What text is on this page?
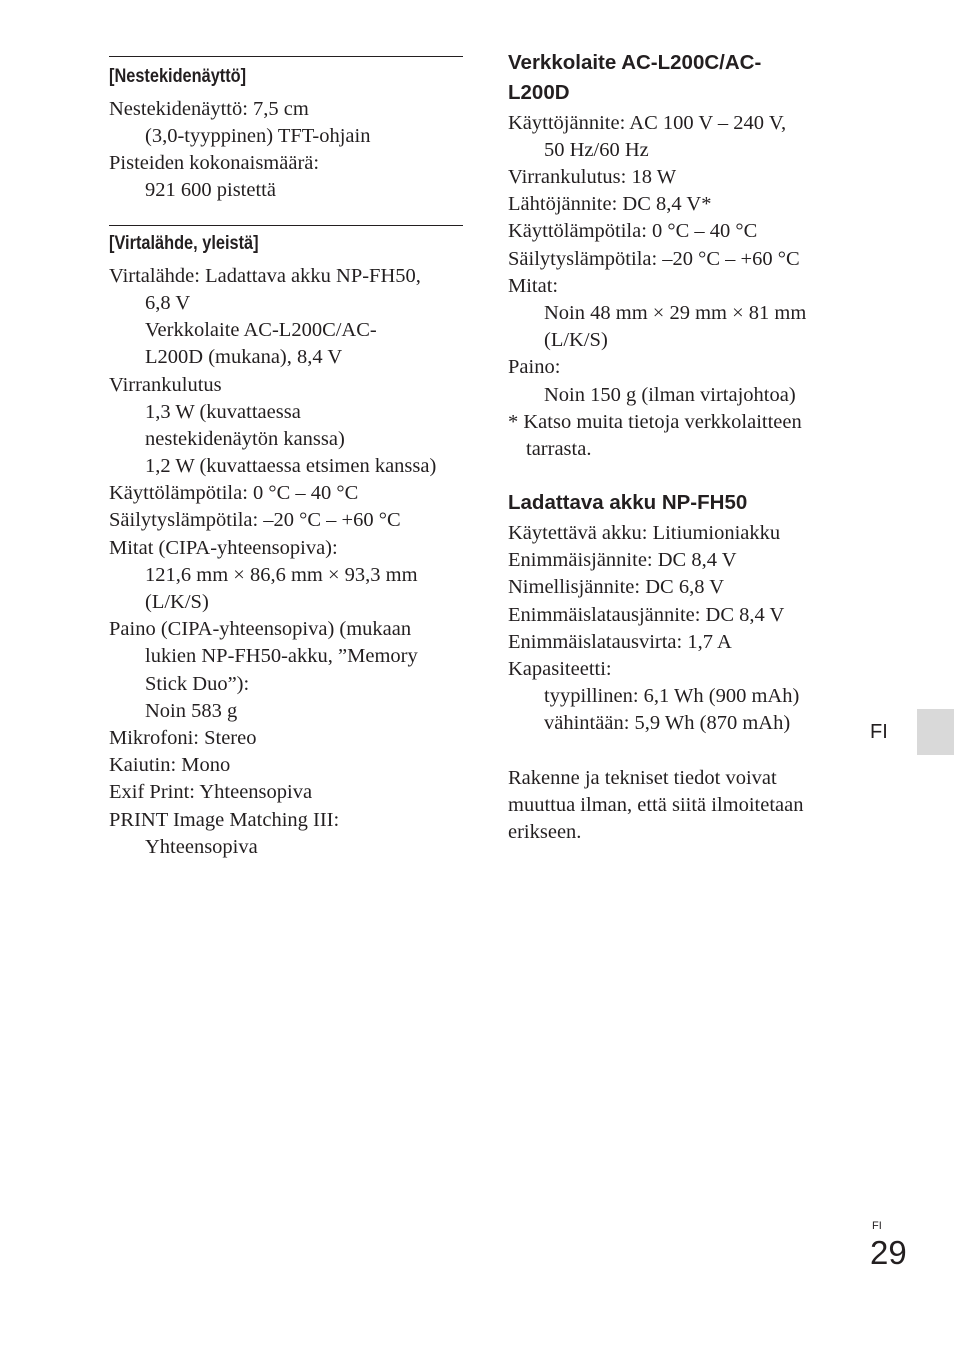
[Nestekidenäyttö]
Nestekidenäyttö: 7,5 cm
(3,0-tyyppinen) TFT-ohjain
Pisteiden kokonaismäärä:
921 600 pistettä
[Virtalähde, yleistä]
Virtalähde: Ladattava akku NP-FH50,
6,8 V
Verkkolaite AC-L200C/AC-
L200D (mukana), 8,4 V
Virrankulutus
1,3 W (kuvattaessa
nestekidenäytön kanssa)
1,2 W (kuvattaessa etsimen kanssa)
Käyttölämpötila: 0 °C – 40 °C
Säilytyslämpötila: –20 °C – +60 °C
Mitat (CIPA-yhteensopiva):
121,6 mm × 86,6 mm × 93,3 mm
(L/K/S)
Paino (CIPA-yhteensopiva) (mukaan
lukien NP-FH50-akku, ”Memory
Stick Duo”):
Noin 583 g
Mikrofoni: Stereo
Kaiutin: Mono
Exif Print: Yhteensopiva
PRINT Image Matching III:
Yhteensopiva
Verkkolaite AC-L200C/AC-
L200D
Käyttöjännite: AC 100 V – 240 V,
50 Hz/60 Hz
Virrankulutus: 18 W
Lähtöjännite: DC 8,4 V*
Käyttölämpötila: 0 °C – 40 °C
Säilytyslämpötila: –20 °C – +60 °C
Mitat:
Noin 48 mm × 29 mm × 81 mm
(L/K/S)
Paino:
Noin 150 g (ilman virtajohtoa)
* Katso muita tietoja verkkolaitteen
tarrasta.
Ladattava akku NP-FH50
Käytettävä akku: Litiumioniakku
Enimmäisjännite: DC 8,4 V
Nimellisjännite: DC 6,8 V
Enimmäislatausjännite: DC 8,4 V
Enimmäislatausvirta: 1,7 A
Kapasiteetti:
tyypillinen: 6,1 Wh (900 mAh)
vähintään: 5,9 Wh (870 mAh)
Rakenne ja tekniset tiedot voivat
muuttua ilman, että siitä ilmoitetaan
erikseen.
FI
FI
29
